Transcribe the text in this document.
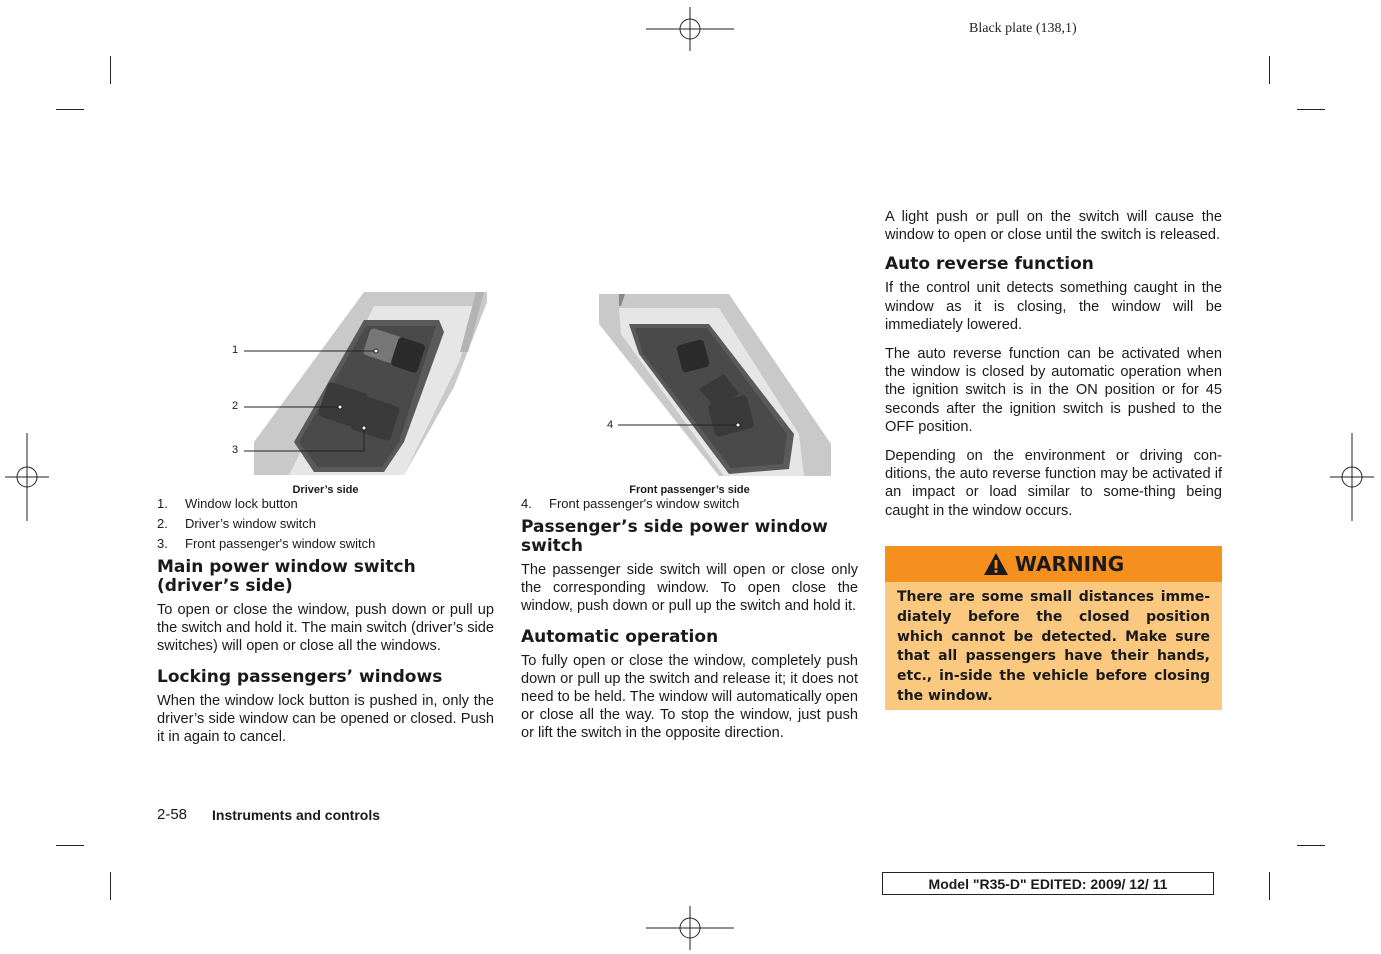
Black plate (138,1)
1
2
3
Driver’s side
1.	Window lock button
2.	Driver’s window switch
3.	Front passenger's window switch
4
Front passenger’s side
4.	Front passenger's window switch
Main power window switch (driver’s side)

To open or close the window, push down or pull up the switch and hold it. The main switch (driver’s side switches) will open or close all the windows.

Locking passengers’ windows

When the window lock button is pushed in, only the driver’s side window can be opened or closed. Push it in again to cancel.

Passenger’s side power window switch

The passenger side switch will open or close only the corresponding window. To open close the window, push down or pull up the switch and hold it.

Automatic operation

To fully open or close the window, completely push down or pull up the switch and release it; it does not need to be held. The window will automatically open or close all the way. To stop the window, just push or lift the switch in the opposite direction.

A light push or pull on the switch will cause the window to open or close until the switch is released.

Auto reverse function

If the control unit detects something caught in the window as it is closing, the window will be immediately lowered.

The auto reverse function can be activated when the window is closed by automatic operation when the ignition switch is in the ON position or for 45 seconds after the ignition switch is pushed to the OFF position.

Depending on the environment or driving con-ditions, the auto reverse function may be activated if an impact or load similar to some-thing being caught in the window occurs.

WARNING
There are some small distances imme-diately before the closed position which cannot be detected. Make sure that all passengers have their hands, etc., in-side the vehicle before closing the window.
2-58 Instruments and controls
Model "R35-D" EDITED: 2009/ 12/ 11
